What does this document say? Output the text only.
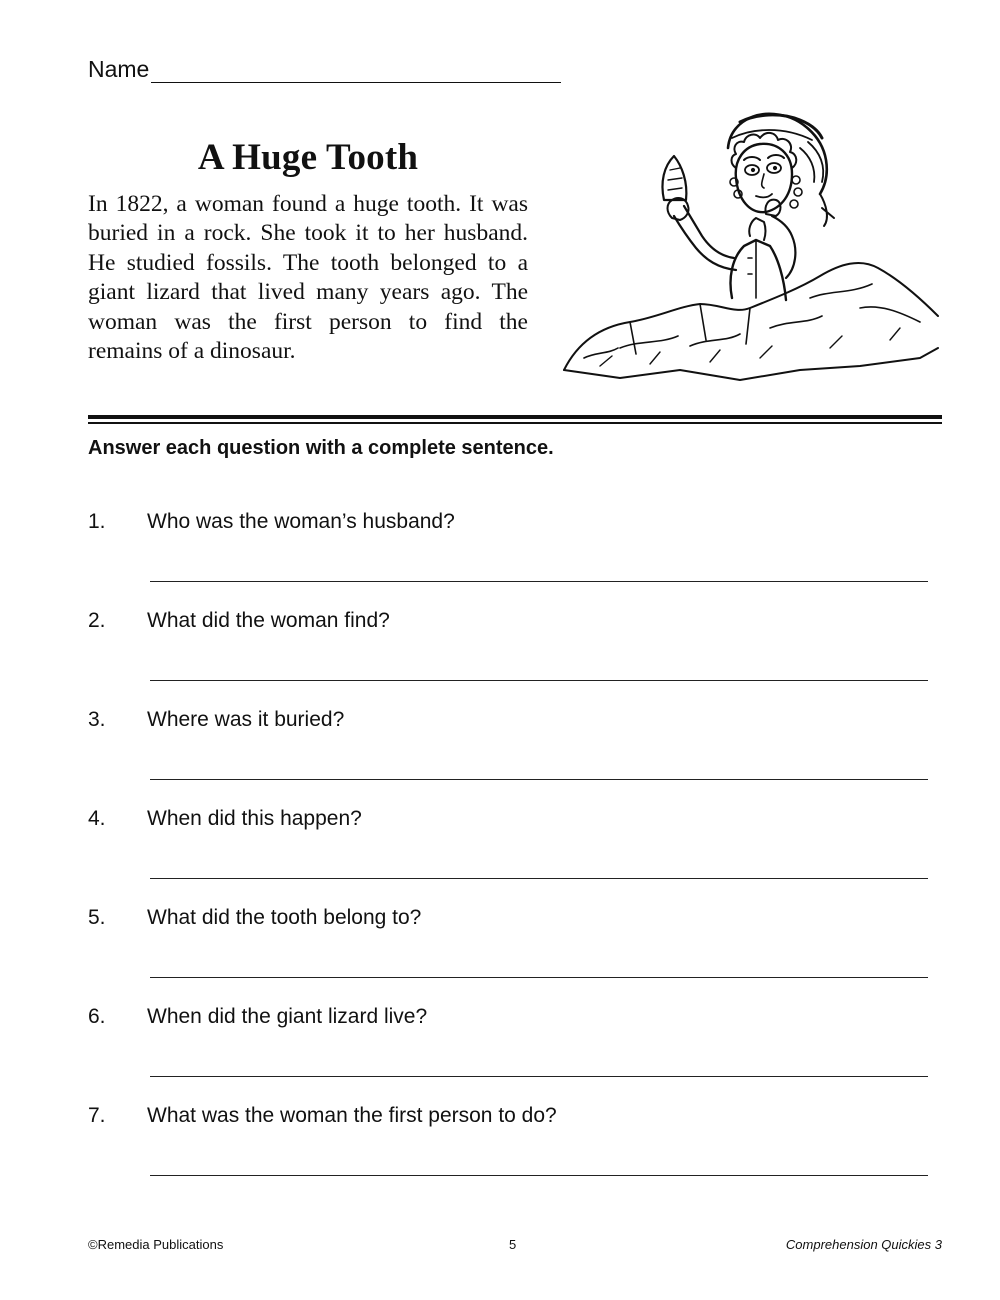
Name
A Huge Tooth

In 1822, a woman found a huge tooth. It was buried in a rock. She took it to her husband. He studied fossils. The tooth belonged to a giant lizard that lived many years ago. The woman was the first person to find the remains of a dinosaur.

Answer each question with a complete sentence.

1. Who was the woman’s husband?
2. What did the woman find?
3. Where was it buried?
4. When did this happen?
5. What did the tooth belong to?
6. When did the giant lizard live?
7. What was the woman the first person to do?
©Remedia Publications	5	Comprehension Quickies 3
